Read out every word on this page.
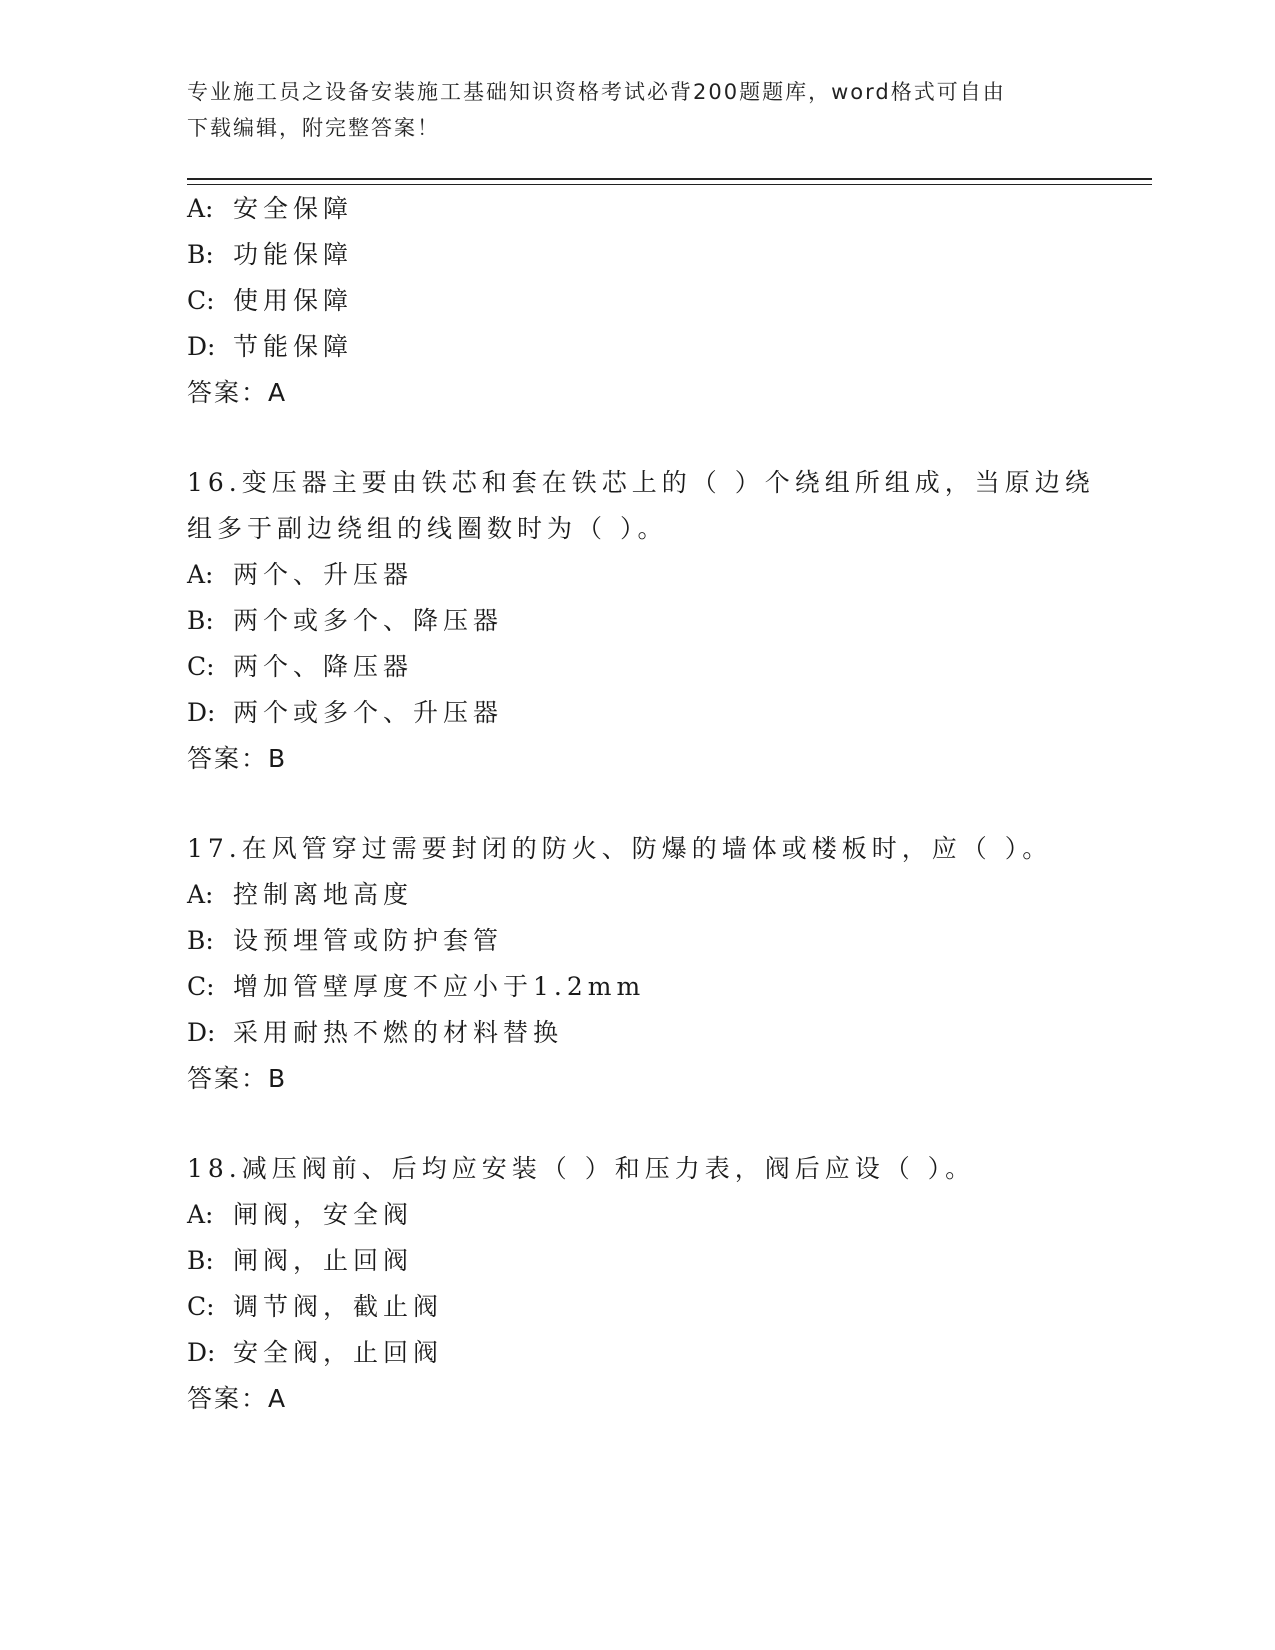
专业施工员之设备安装施工基础知识资格考试必背200题题库，word格式可自由
下载编辑，附完整答案！
A: 安全保障
B: 功能保障
C: 使用保障
D: 节能保障
答案：A
16.变压器主要由铁芯和套在铁芯上的（ ）个绕组所组成，当原边绕
组多于副边绕组的线圈数时为（ ）。
A: 两个、升压器
B: 两个或多个、降压器
C: 两个、降压器
D: 两个或多个、升压器
答案：B
17.在风管穿过需要封闭的防火、防爆的墙体或楼板时，应（ ）。
A: 控制离地高度
B: 设预埋管或防护套管
C: 增加管壁厚度不应小于1.2mm
D: 采用耐热不燃的材料替换
答案：B
18.减压阀前、后均应安装（ ）和压力表，阀后应设（ ）。
A: 闸阀，安全阀
B: 闸阀，止回阀
C: 调节阀，截止阀
D: 安全阀，止回阀
答案：A
